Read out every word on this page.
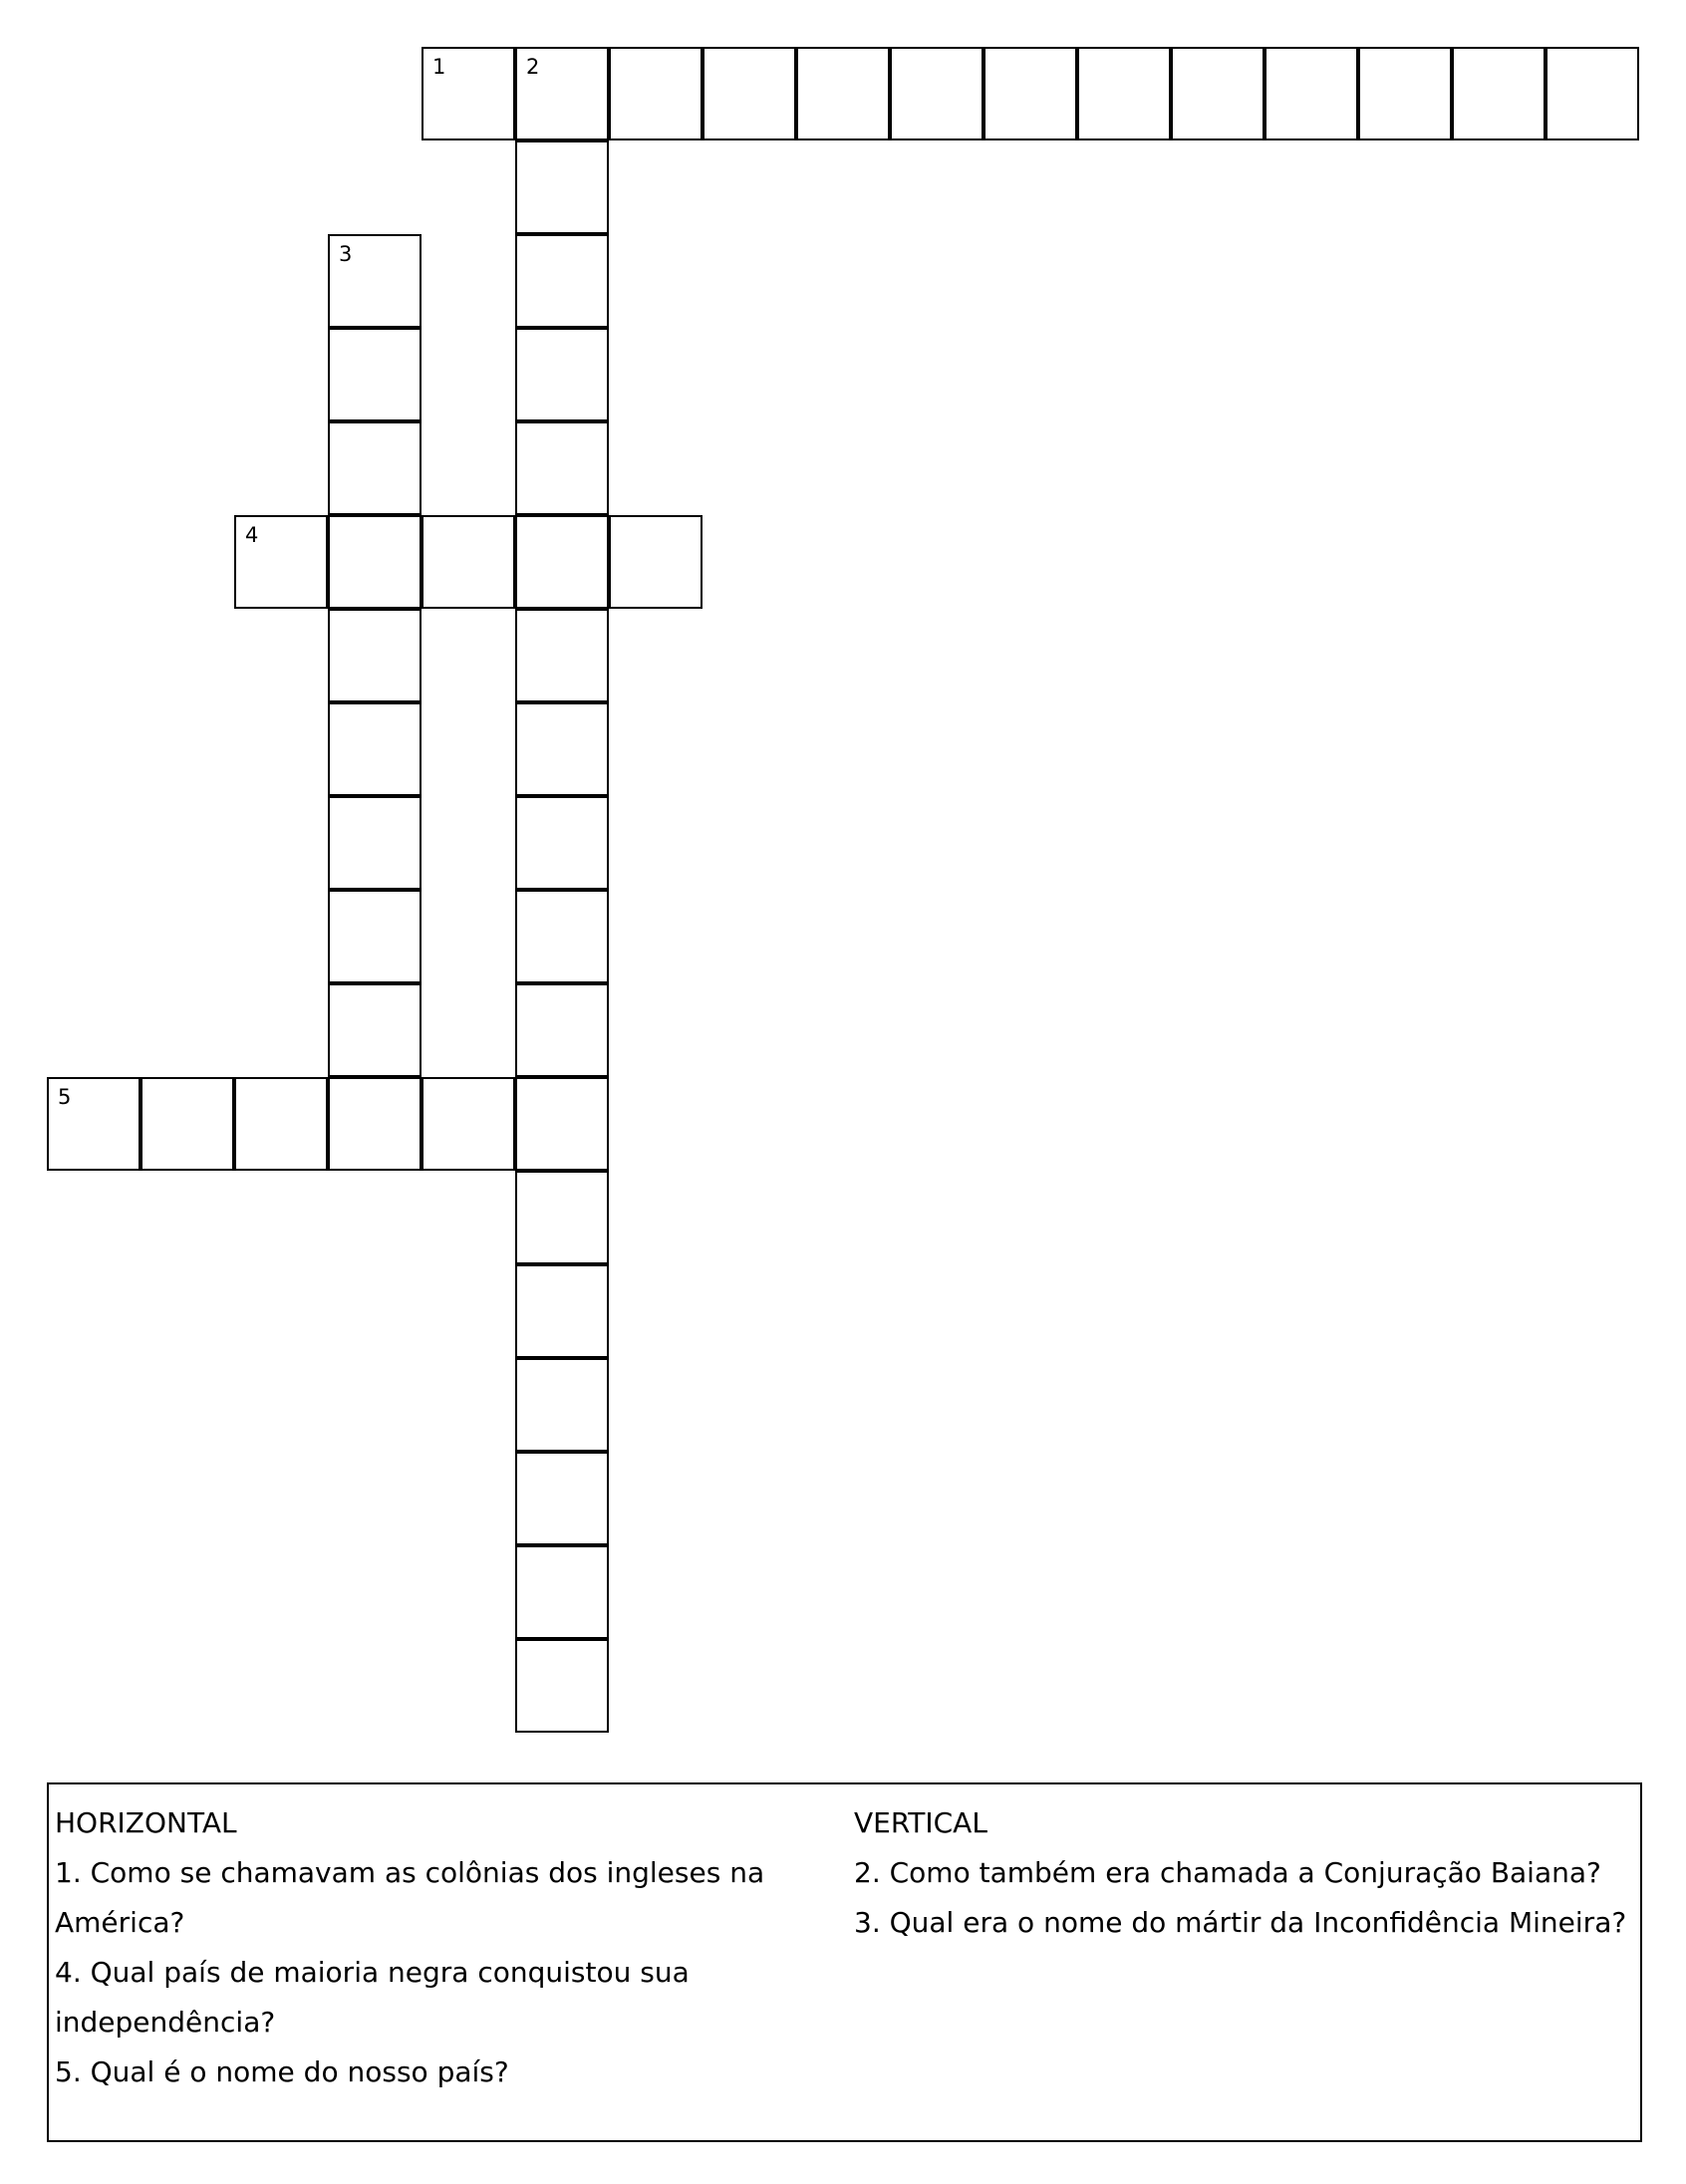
1	2
3
4
5
HORIZONTAL
1. Como se chamavam as colônias dos ingleses na América?
4. Qual país de maioria negra conquistou sua independência?
5. Qual é o nome do nosso país?
VERTICAL
2. Como também era chamada a Conjuração Baiana?
3. Qual era o nome do mártir da Inconfidência Mineira?
